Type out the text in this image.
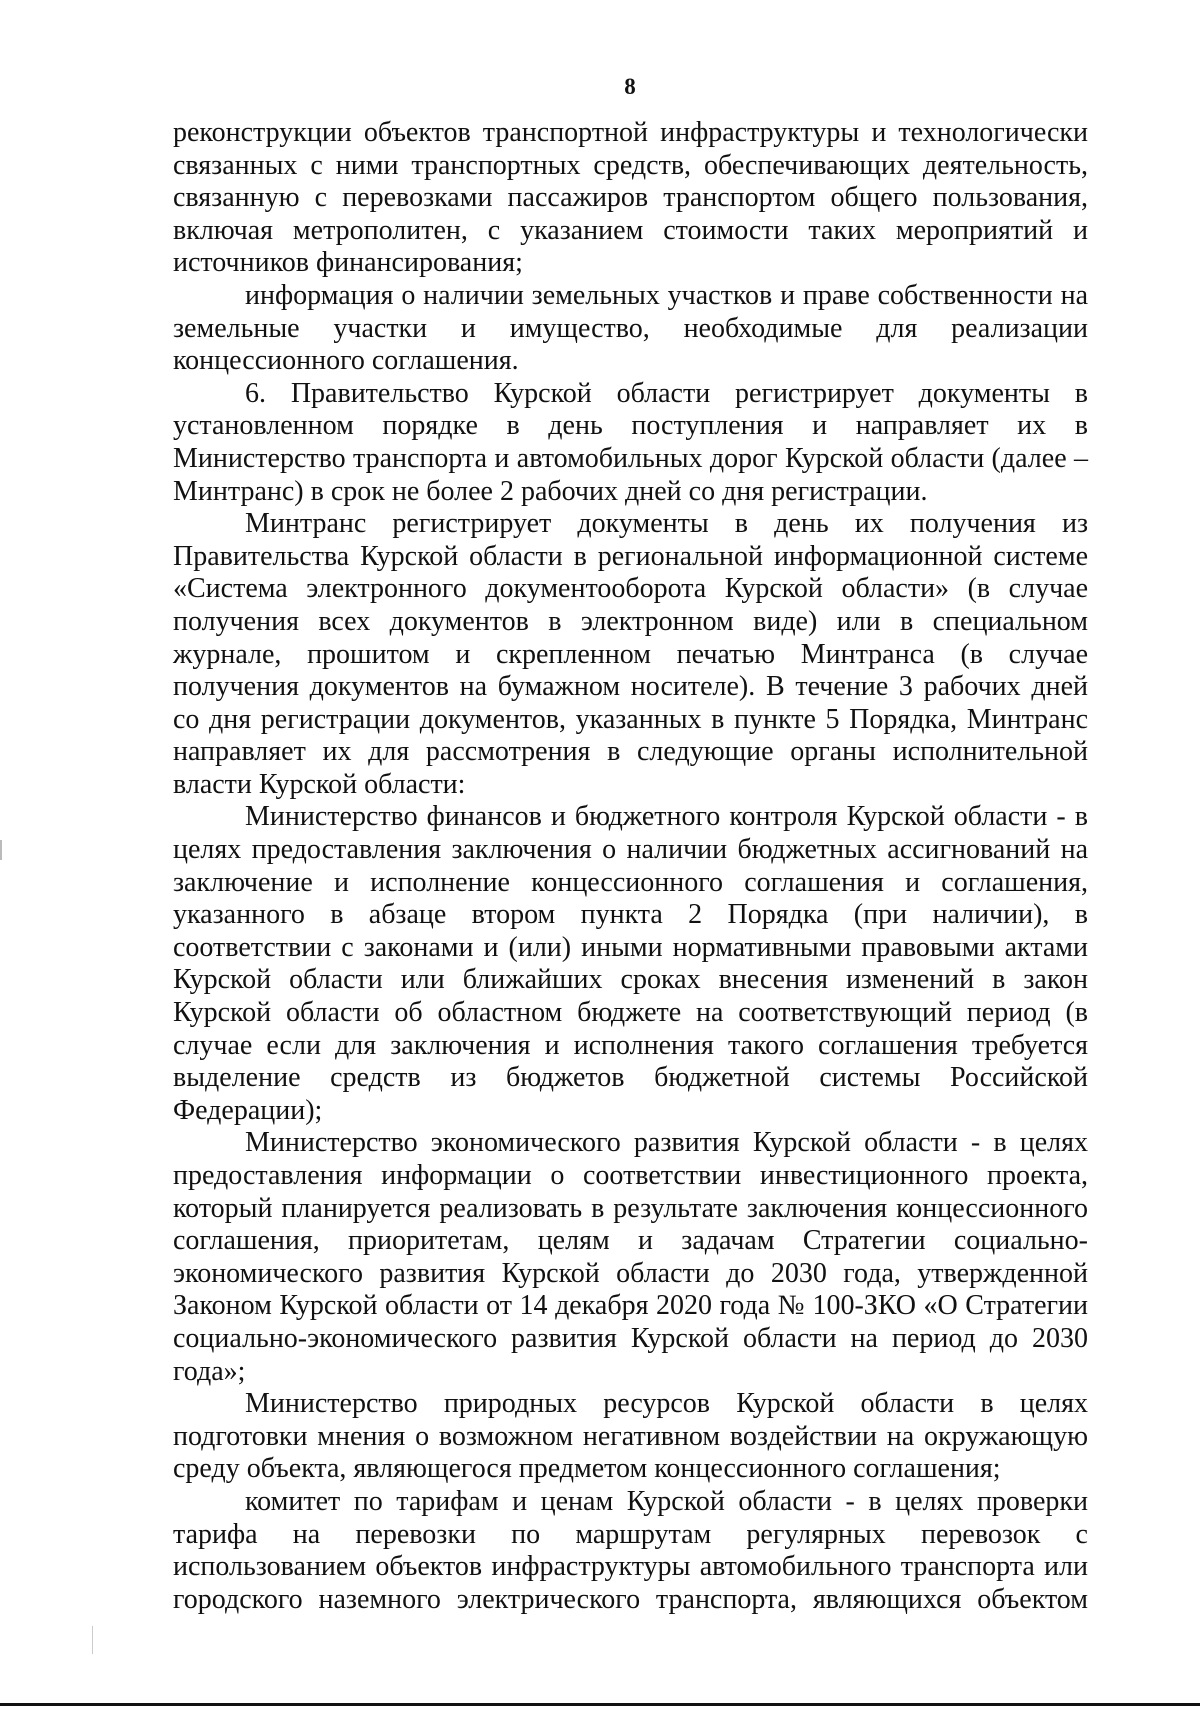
8

реконструкции объектов транспортной инфраструктуры и технологически связанных с ними транспортных средств, обеспечивающих деятельность, связанную с перевозками пассажиров транспортом общего пользования, включая метрополитен, с указанием стоимости таких мероприятий и источников финансирования;

информация о наличии земельных участков и праве собственности на земельные участки и имущество, необходимые для реализации концессионного соглашения.

6. Правительство Курской области регистрирует документы в установленном порядке в день поступления и направляет их в Министерство транспорта и автомобильных дорог Курской области (далее – Минтранс) в срок не более 2 рабочих дней со дня регистрации.

Минтранс регистрирует документы в день их получения из Правительства Курской области в региональной информационной системе «Система электронного документооборота Курской области» (в случае получения всех документов в электронном виде) или в специальном журнале, прошитом и скрепленном печатью Минтранса (в случае получения документов на бумажном носителе). В течение 3 рабочих дней со дня регистрации документов, указанных в пункте 5 Порядка, Минтранс направляет их для рассмотрения в следующие органы исполнительной власти Курской области:

Министерство финансов и бюджетного контроля Курской области - в целях предоставления заключения о наличии бюджетных ассигнований на заключение и исполнение концессионного соглашения и соглашения, указанного в абзаце втором пункта 2 Порядка (при наличии), в соответствии с законами и (или) иными нормативными правовыми актами Курской области или ближайших сроках внесения изменений в закон Курской области об областном бюджете на соответствующий период (в случае если для заключения и исполнения такого соглашения требуется выделение средств из бюджетов бюджетной системы Российской Федерации);

Министерство экономического развития Курской области - в целях предоставления информации о соответствии инвестиционного проекта, который планируется реализовать в результате заключения концессионного соглашения, приоритетам, целям и задачам Стратегии социально-экономического развития Курской области до 2030 года, утвержденной Законом Курской области от 14 декабря 2020 года № 100-ЗКО «О Стратегии социально-экономического развития Курской области на период до 2030 года»;

Министерство природных ресурсов Курской области в целях подготовки мнения о возможном негативном воздействии на окружающую среду объекта, являющегося предметом концессионного соглашения;

комитет по тарифам и ценам Курской области - в целях проверки тарифа на перевозки по маршрутам регулярных перевозок с использованием объектов инфраструктуры автомобильного транспорта или городского наземного электрического транспорта, являющихся объектом
